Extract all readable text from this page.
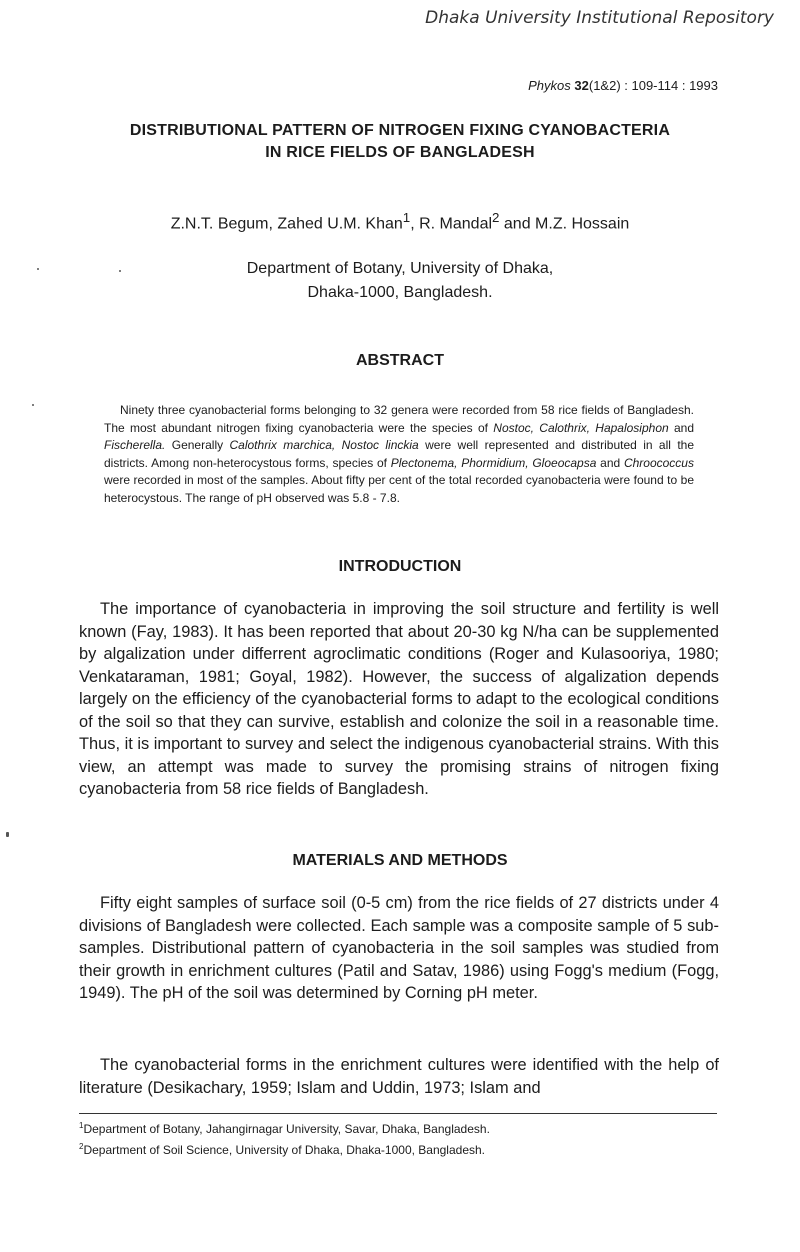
Dhaka University Institutional Repository
Phykos 32(1&2) : 109-114 : 1993
DISTRIBUTIONAL PATTERN OF NITROGEN FIXING CYANOBACTERIA
IN RICE FIELDS OF BANGLADESH
Z.N.T. Begum, Zahed U.M. Khan$^1$, R. Mandal$^2$ and M.Z. Hossain
Department of Botany, University of Dhaka,
Dhaka-1000, Bangladesh.
ABSTRACT
Ninety three cyanobacterial forms belonging to 32 genera were recorded from 58 rice fields of Bangladesh. The most abundant nitrogen fixing cyanobacteria were the species of Nostoc, Calothrix, Hapalosiphon and Fischerella. Generally Calothrix marchica, Nostoc linckia were well represented and distributed in all the districts. Among non-heterocystous forms, species of Plectonema, Phormidium, Gloeocapsa and Chroococcus were recorded in most of the samples. About fifty per cent of the total recorded cyanobacteria were found to be heterocystous. The range of pH observed was 5.8 - 7.8.
INTRODUCTION
The importance of cyanobacteria in improving the soil structure and fertility is well known (Fay, 1983). It has been reported that about 20-30 kg N/ha can be supplemented by algalization under differrent agroclimatic conditions (Roger and Kulasooriya, 1980; Venkataraman, 1981; Goyal, 1982). However, the success of algalization depends largely on the efficiency of the cyanobacterial forms to adapt to the ecological conditions of the soil so that they can survive, establish and colonize the soil in a reasonable time. Thus, it is important to survey and select the indigenous cyanobacterial strains. With this view, an attempt was made to survey the promising strains of nitrogen fixing cyanobacteria from 58 rice fields of Bangladesh.
MATERIALS AND METHODS
Fifty eight samples of surface soil (0-5 cm) from the rice fields of 27 districts under 4 divisions of Bangladesh were collected. Each sample was a composite sample of 5 sub-samples. Distributional pattern of cyanobacteria in the soil samples was studied from their growth in enrichment cultures (Patil and Satav, 1986) using Fogg's medium (Fogg, 1949). The pH of the soil was determined by Corning pH meter.
The cyanobacterial forms in the enrichment cultures were identified with the help of literature (Desikachary, 1959; Islam and Uddin, 1973; Islam and
$^1$Department of Botany, Jahangirnagar University, Savar, Dhaka, Bangladesh.
$^2$Department of Soil Science, University of Dhaka, Dhaka-1000, Bangladesh.
